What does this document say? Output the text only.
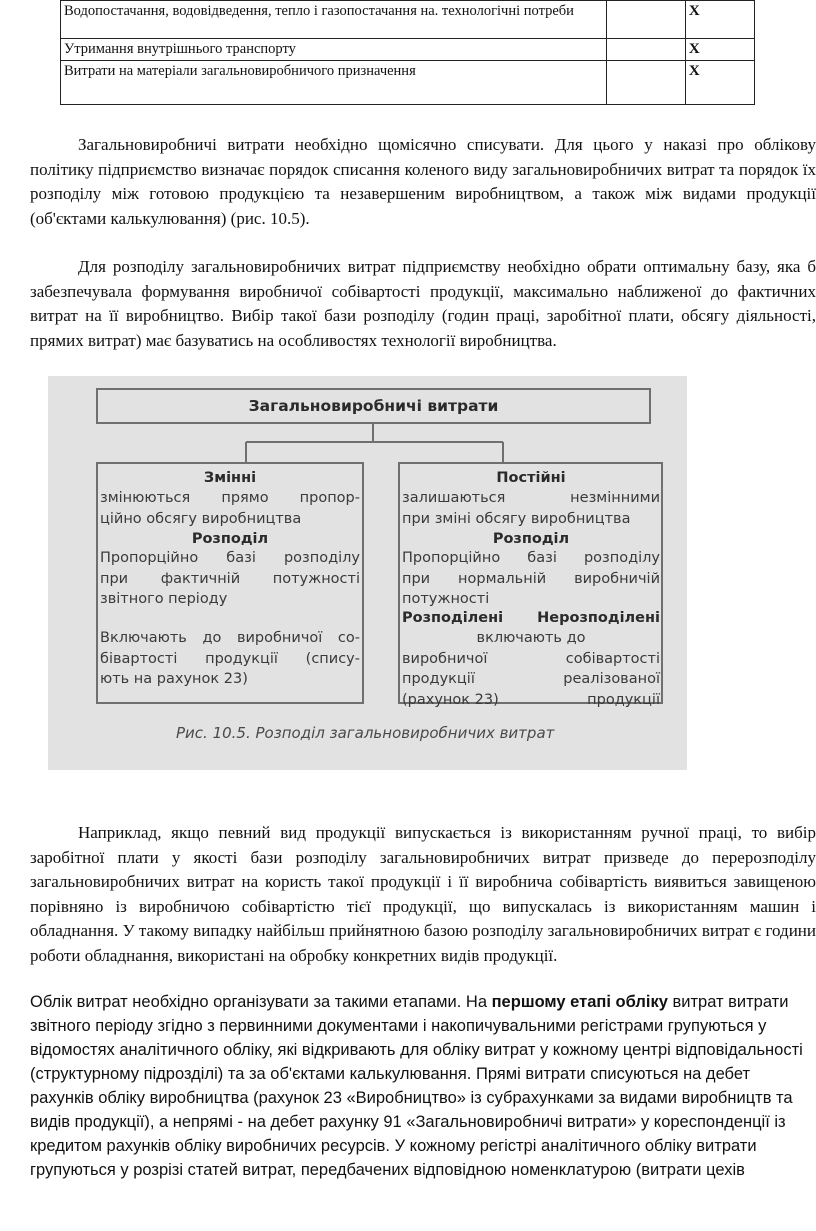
Водопостачання, водовідведення, тепло і газопостачання на. технологічні потреби		X
Утримання внутрішнього транспорту		X
Витрати на матеріали загальновиробничого призначення		X

Загальновиробничі витрати необхідно щомісячно списувати. Для цього у наказі про облікову політику підприємство визначає порядок списання коленого виду загальновиробничих витрат та порядок їх розподілу між готовою продукцією та незавершеним виробництвом, а також між видами продукції (об'єктами калькулювання) (рис. 10.5).

Для розподілу загальновиробничих витрат підприємству необхідно обрати оптимальну базу, яка б забезпечувала формування виробничої собівартості продукції, максимально наближеної до фактичних витрат на її виробництво. Вибір такої бази розподілу (годин праці, заробітної плати, обсягу діяльності, прямих витрат) має базуватись на особливостях технології виробництва.

Загальновиробничі витрати
Змінні
змінюються прямо пропор-
ційно обсягу виробництва
Розподіл
Пропорційно базі розподілу
при фактичній потужності
звітного періоду
Включають до виробничої со-
бівартості продукції (спису-
ють на рахунок 23)
Постійні
залишаються	незмінними
при зміні обсягу виробництва
Розподіл
Пропорційно базі розподілу
при нормальній виробничій
потужності
Розподілені Нерозподілені
включають до
виробничої	собівартості
продукції	реалізованої
(рахунок 23)	продукції
Рис. 10.5. Розподіл загальновиробничих витрат

Наприклад, якщо певний вид продукції випускається із використанням ручної праці, то вибір заробітної плати у якості бази розподілу загальновиробничих витрат призведе до перерозподілу загальновиробничих витрат на користь такої продукції і її виробнича собівартість виявиться завищеною порівняно із виробничою собівартістю тієї продукції, що випускалась із використанням машин і обладнання. У такому випадку найбільш прийнятною базою розподілу загальновиробничих витрат є години роботи обладнання, використані на обробку конкретних видів продукції.

Облік витрат необхідно організувати за такими етапами. На першому етапі обліку витрат витрати звітного періоду згідно з первинними документами і накопичувальними регістрами групуються у відомостях аналітичного обліку, які відкривають для обліку витрат у кожному центрі відповідальності (структурному підрозділі) та за об'єктами калькулювання. Прямі витрати списуються на дебет рахунків обліку виробництва (рахунок 23 «Виробництво» із субрахунками за видами виробництв та видів продукції), а непрямі - на дебет рахунку 91 «Загальновиробничі витрати» у кореспонденції із кредитом рахунків обліку виробничих ресурсів. У кожному регістрі аналітичного обліку витрати групуються у розрізі статей витрат, передбачених відповідною номенклатурою (витрати цехів
